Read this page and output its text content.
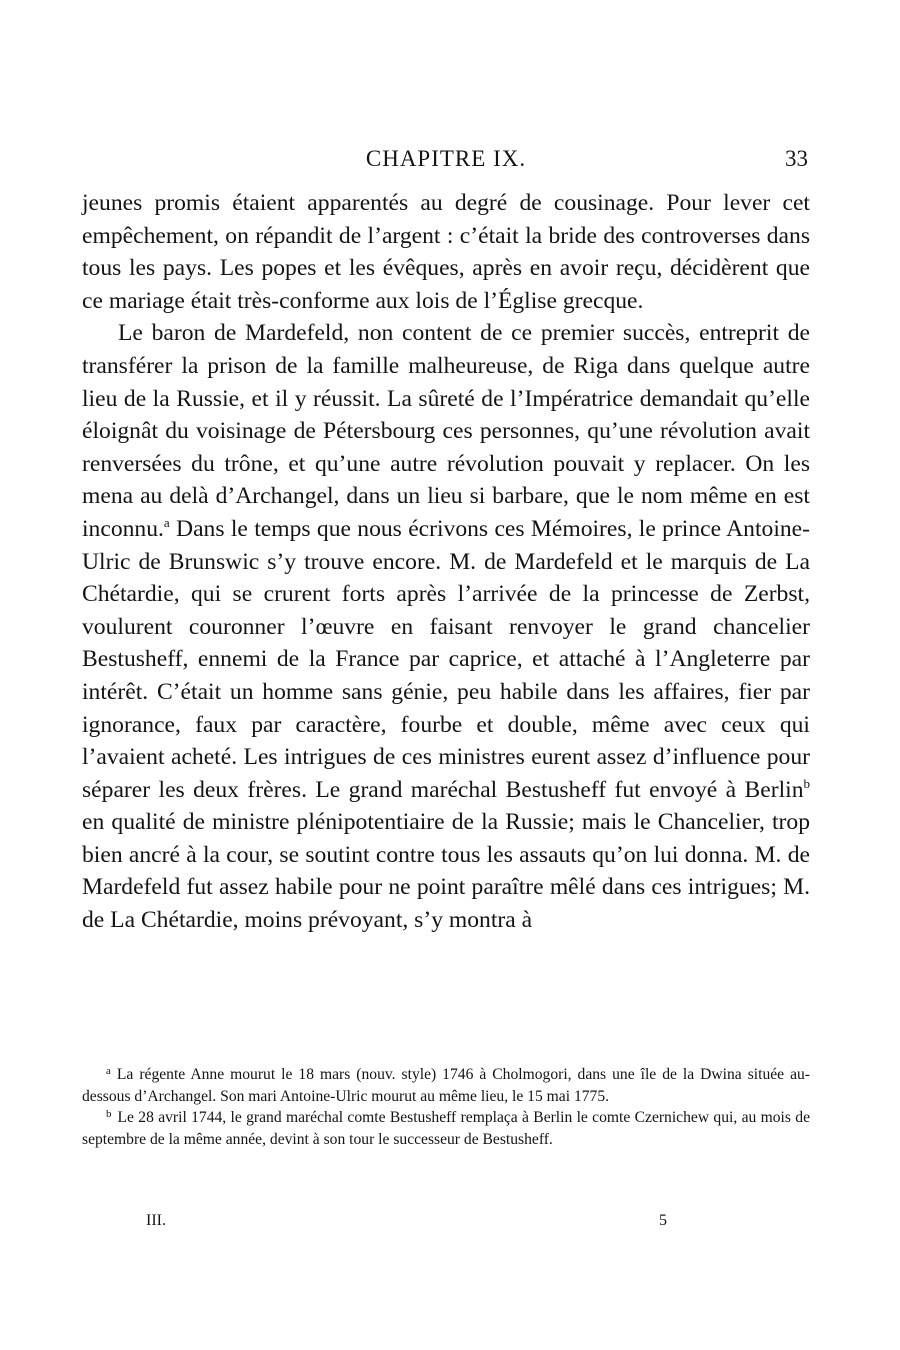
CHAPITRE IX.	33

jeunes promis étaient apparentés au degré de cousinage. Pour lever cet empêchement, on répandit de l’argent : c’était la bride des controverses dans tous les pays. Les popes et les évêques, après en avoir reçu, décidèrent que ce mariage était très-conforme aux lois de l’Église grecque.

Le baron de Mardefeld, non content de ce premier succès, entreprit de transférer la prison de la famille malheureuse, de Riga dans quelque autre lieu de la Russie, et il y réussit. La sûreté de l’Impératrice demandait qu’elle éloignât du voisinage de Pétersbourg ces personnes, qu’une révolution avait renversées du trône, et qu’une autre révolution pouvait y replacer. On les mena au delà d’Archangel, dans un lieu si barbare, que le nom même en est inconnu.$^a$ Dans le temps que nous écrivons ces Mémoires, le prince Antoine-Ulric de Brunswic s’y trouve encore. M. de Mardefeld et le marquis de La Chétardie, qui se crurent forts après l’arrivée de la princesse de Zerbst, voulurent couronner l’œuvre en faisant renvoyer le grand chancelier Bestusheff, ennemi de la France par caprice, et attaché à l’Angleterre par intérêt. C’était un homme sans génie, peu habile dans les affaires, fier par ignorance, faux par caractère, fourbe et double, même avec ceux qui l’avaient acheté. Les intrigues de ces ministres eurent assez d’influence pour séparer les deux frères. Le grand maréchal Bestusheff fut envoyé à Berlin$^b$ en qualité de ministre plénipotentiaire de la Russie; mais le Chancelier, trop bien ancré à la cour, se soutint contre tous les assauts qu’on lui donna. M. de Mardefeld fut assez habile pour ne point paraître mêlé dans ces intrigues; M. de La Chétardie, moins prévoyant, s’y montra à

$^a$ La régente Anne mourut le 18 mars (nouv. style) 1746 à Cholmogori, dans une île de la Dwina située au-dessous d’Archangel. Son mari Antoine-Ulric mourut au même lieu, le 15 mai 1775.

$^b$ Le 28 avril 1744, le grand maréchal comte Bestusheff remplaça à Berlin le comte Czernichew qui, au mois de septembre de la même année, devint à son tour le successeur de Bestusheff.

III.	5
